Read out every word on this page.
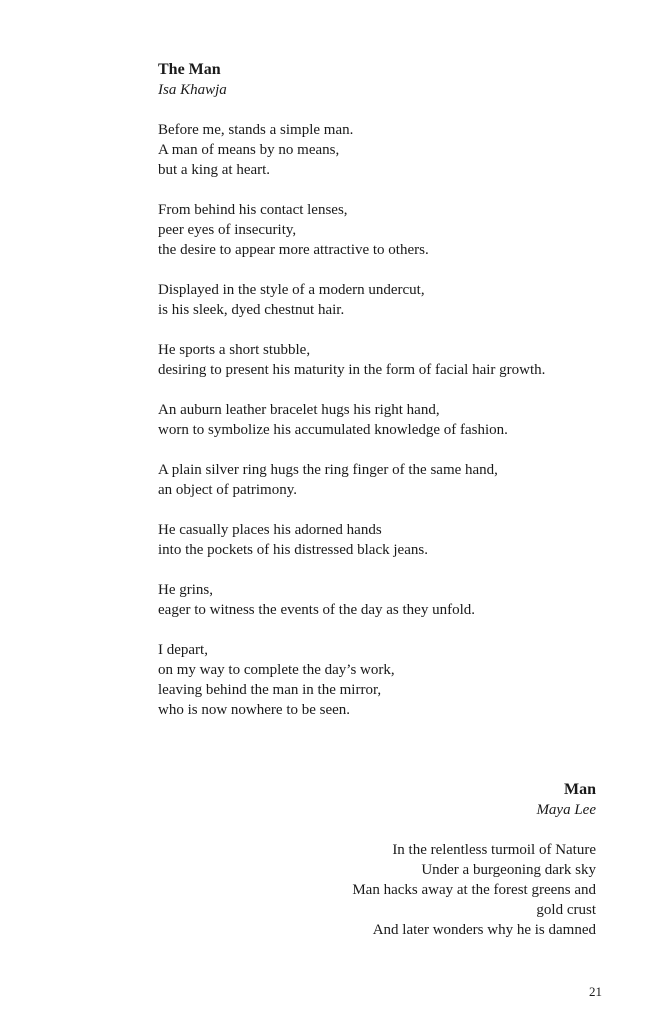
The Man

Isa Khawja

Before me, stands a simple man.
A man of means by no means,
but a king at heart.
From behind his contact lenses,
peer eyes of insecurity,
the desire to appear more attractive to others.
Displayed in the style of a modern undercut,
is his sleek, dyed chestnut hair.
He sports a short stubble,
desiring to present his maturity in the form of facial hair growth.
An auburn leather bracelet hugs his right hand,
worn to symbolize his accumulated knowledge of fashion.
A plain silver ring hugs the ring finger of the same hand,
an object of patrimony.
He casually places his adorned hands
into the pockets of his distressed black jeans.
He grins,
eager to witness the events of the day as they unfold.
I depart,
on my way to complete the day’s work,
leaving behind the man in the mirror,
who is now nowhere to be seen.

Man

Maya Lee

In the relentless turmoil of Nature
Under a burgeoning dark sky
Man hacks away at the forest greens and
gold crust
And later wonders why he is damned
21
